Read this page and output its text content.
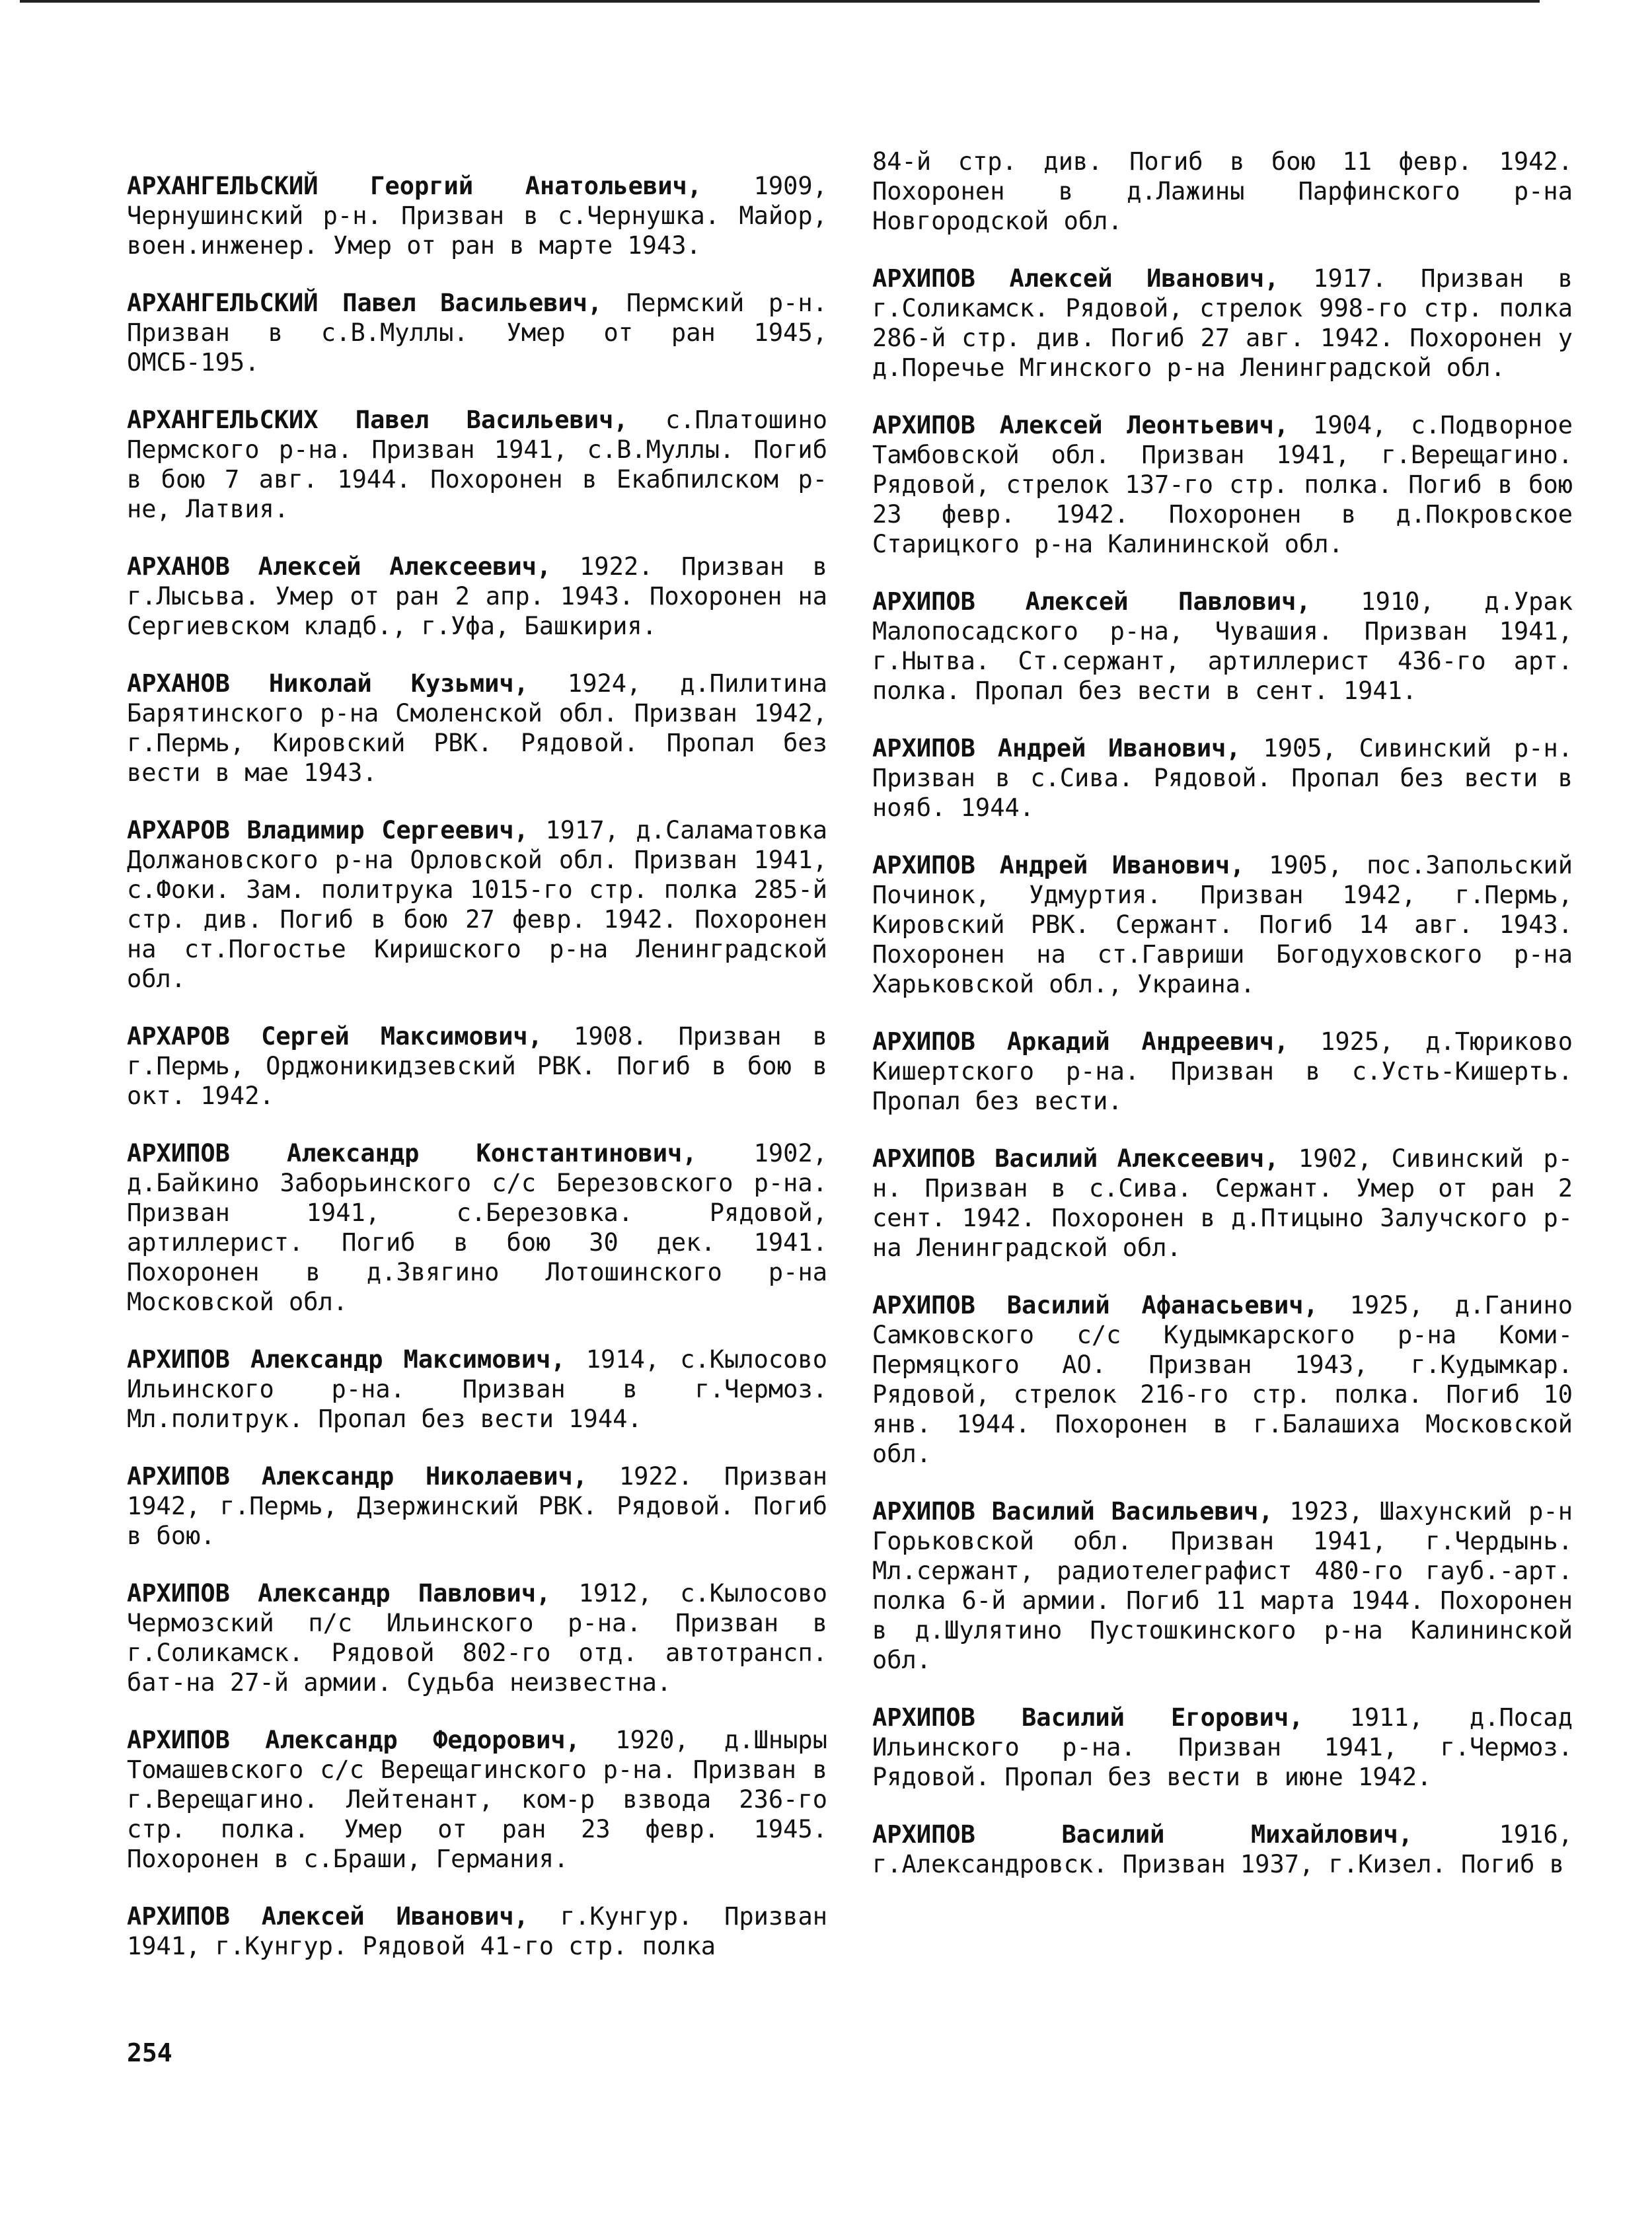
АРХАНГЕЛЬСКИЙ Георгий Анатольевич, 1909, Чернушинский р-н. Призван в с.Чернушка. Майор, воен.инженер. Умер от ран в марте 1943.

АРХАНГЕЛЬСКИЙ Павел Васильевич, Пермский р-н. Призван в с.В.Муллы. Умер от ран 1945, ОМСБ-195.

АРХАНГЕЛЬСКИХ Павел Васильевич, с.Платошино Пермского р-на. Призван 1941, с.В.Муллы. Погиб в бою 7 авг. 1944. Похоронен в Екабпилском р-не, Латвия.

АРХАНОВ Алексей Алексеевич, 1922. Призван в г.Лысьва. Умер от ран 2 апр. 1943. Похоронен на Сергиевском кладб., г.Уфа, Башкирия.

АРХАНОВ Николай Кузьмич, 1924, д.Пилитина Барятинского р-на Смоленской обл. Призван 1942, г.Пермь, Кировский РВК. Рядовой. Пропал без вести в мае 1943.

АРХАРОВ Владимир Сергеевич, 1917, д.Саламатовка Должановского р-на Орловской обл. Призван 1941, с.Фоки. Зам. политрука 1015-го стр. полка 285-й стр. див. Погиб в бою 27 февр. 1942. Похоронен на ст.Погостье Киришского р-на Ленинградской обл.

АРХАРОВ Сергей Максимович, 1908. Призван в г.Пермь, Орджоникидзевский РВК. Погиб в бою в окт. 1942.

АРХИПОВ Александр Константинович, 1902, д.Байкино Заборьинского с/с Березовского р-на. Призван 1941, с.Березовка. Рядовой, артиллерист. Погиб в бою 30 дек. 1941. Похоронен в д.Звягино Лотошинского р-на Московской обл.

АРХИПОВ Александр Максимович, 1914, с.Кылосово Ильинского р-на. Призван в г.Чермоз. Мл.политрук. Пропал без вести 1944.

АРХИПОВ Александр Николаевич, 1922. Призван 1942, г.Пермь, Дзержинский РВК. Рядовой. Погиб в бою.

АРХИПОВ Александр Павлович, 1912, с.Кылосово Чермозский п/с Ильинского р-на. Призван в г.Соликамск. Рядовой 802-го отд. автотрансп. бат-на 27-й армии. Судьба неизвестна.

АРХИПОВ Александр Федорович, 1920, д.Шныры Томашевского с/с Верещагинского р-на. Призван в г.Верещагино. Лейтенант, ком-р взвода 236-го стр. полка. Умер от ран 23 февр. 1945. Похоронен в с.Браши, Германия.

АРХИПОВ Алексей Иванович, г.Кунгур. Призван 1941, г.Кунгур. Рядовой 41-го стр. полка

84-й стр. див. Погиб в бою 11 февр. 1942. Похоронен в д.Лажины Парфинского р-на Новгородской обл.

АРХИПОВ Алексей Иванович, 1917. Призван в г.Соликамск. Рядовой, стрелок 998-го стр. полка 286-й стр. див. Погиб 27 авг. 1942. Похоронен у д.Поречье Мгинского р-на Ленинградской обл.

АРХИПОВ Алексей Леонтьевич, 1904, с.Подворное Тамбовской обл. Призван 1941, г.Верещагино. Рядовой, стрелок 137-го стр. полка. Погиб в бою 23 февр. 1942. Похоронен в д.Покровское Старицкого р-на Калининской обл.

АРХИПОВ Алексей Павлович, 1910, д.Урак Малопосадского р-на, Чувашия. Призван 1941, г.Нытва. Ст.сержант, артиллерист 436-го арт. полка. Пропал без вести в сент. 1941.

АРХИПОВ Андрей Иванович, 1905, Сивинский р-н. Призван в с.Сива. Рядовой. Пропал без вести в нояб. 1944.

АРХИПОВ Андрей Иванович, 1905, пос.Запольский Починок, Удмуртия. Призван 1942, г.Пермь, Кировский РВК. Сержант. Погиб 14 авг. 1943. Похоронен на ст.Гавриши Богодуховского р-на Харьковской обл., Украина.

АРХИПОВ Аркадий Андреевич, 1925, д.Тюриково Кишертского р-на. Призван в с.Усть-Кишерть. Пропал без вести.

АРХИПОВ Василий Алексеевич, 1902, Сивинский р-н. Призван в с.Сива. Сержант. Умер от ран 2 сент. 1942. Похоронен в д.Птицыно Залучского р-на Ленинградской обл.

АРХИПОВ Василий Афанасьевич, 1925, д.Ганино Самковского с/с Кудымкарского р-на Коми-Пермяцкого АО. Призван 1943, г.Кудымкар. Рядовой, стрелок 216-го стр. полка. Погиб 10 янв. 1944. Похоронен в г.Балашиха Московской обл.

АРХИПОВ Василий Васильевич, 1923, Шахунский р-н Горьковской обл. Призван 1941, г.Чердынь. Мл.сержант, радиотелеграфист 480-го гауб.-арт. полка 6-й армии. Погиб 11 марта 1944. Похоронен в д.Шулятино Пустошкинского р-на Калининской обл.

АРХИПОВ Василий Егорович, 1911, д.Посад Ильинского р-на. Призван 1941, г.Чермоз. Рядовой. Пропал без вести в июне 1942.

АРХИПОВ Василий Михайлович, 1916, г.Александровск. Призван 1937, г.Кизел. Погиб в

254
